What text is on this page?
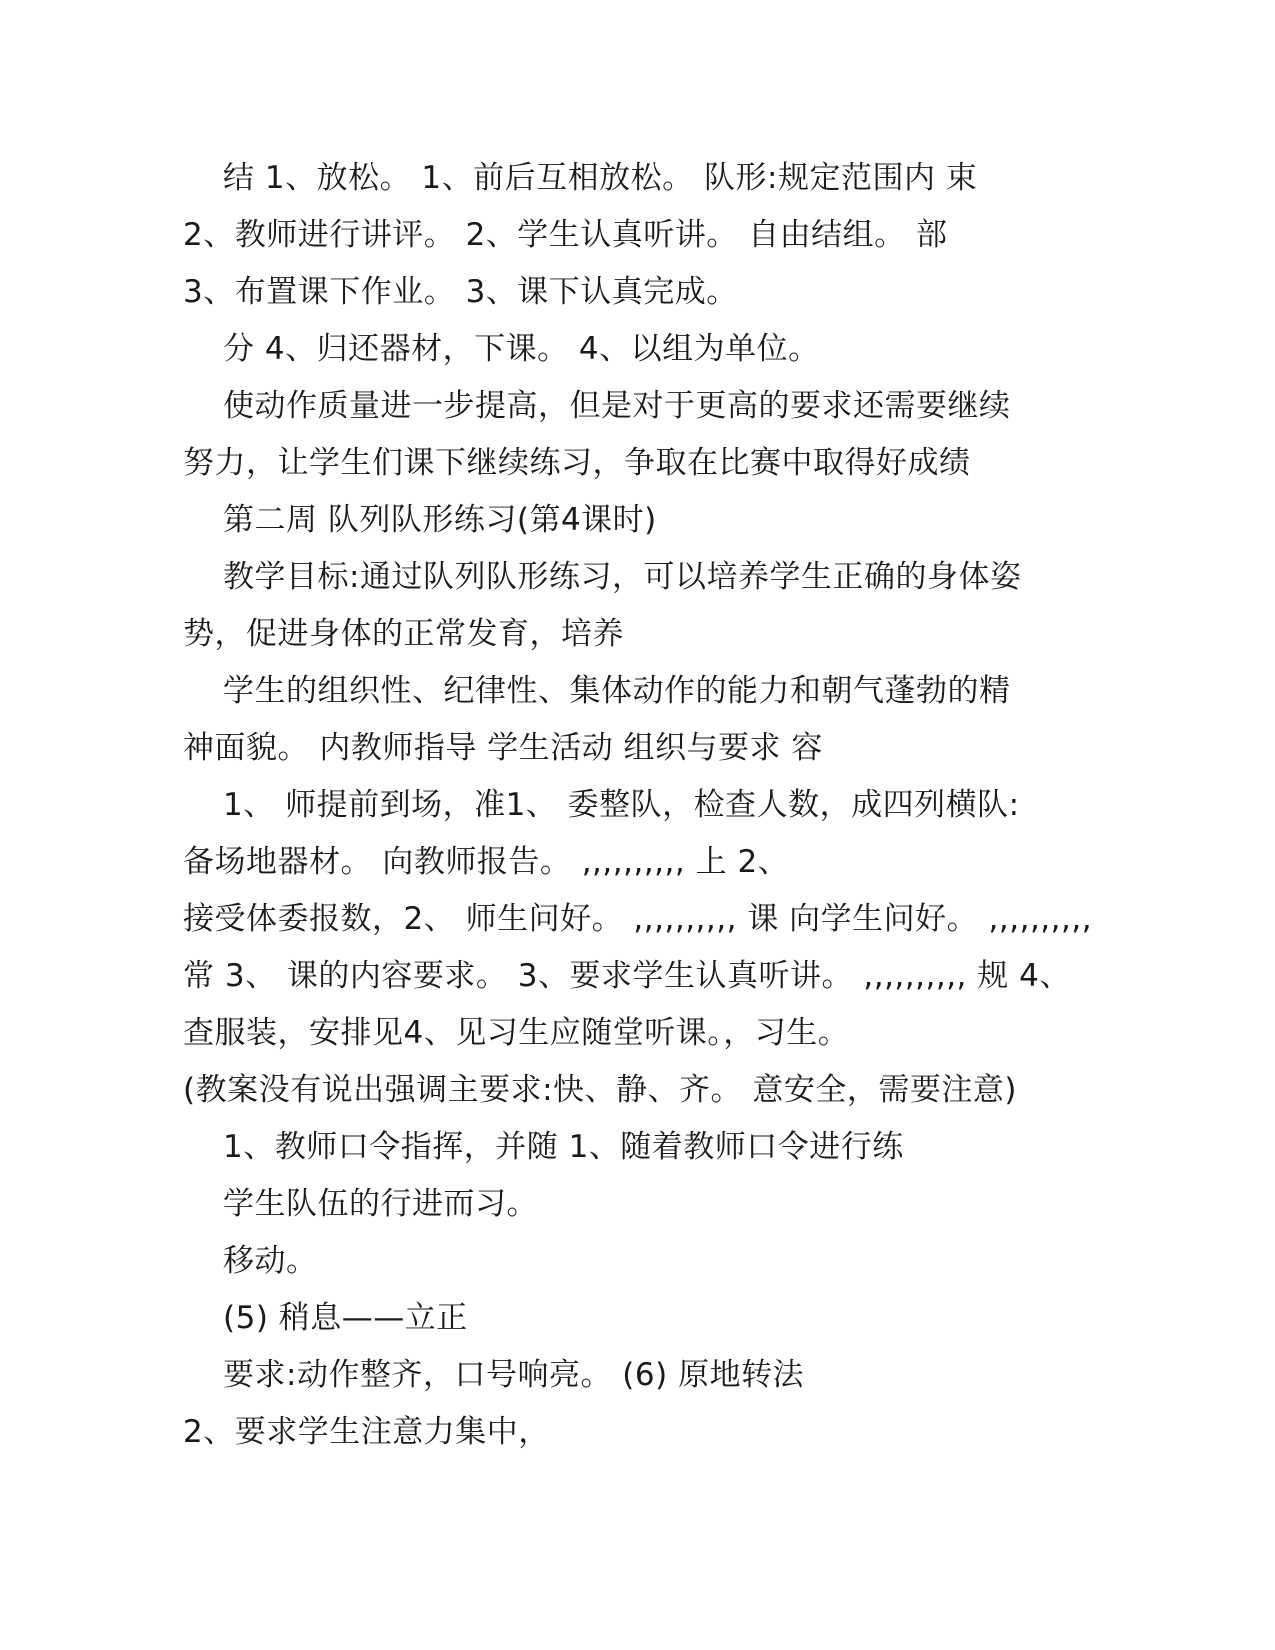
结 1、放松。 1、前后互相放松。 队形:规定范围内 束
2、教师进行讲评。 2、学生认真听讲。 自由结组。 部
3、布置课下作业。 3、课下认真完成。
分 4、归还器材，下课。 4、以组为单位。
使动作质量进一步提高，但是对于更高的要求还需要继续
努力，让学生们课下继续练习，争取在比赛中取得好成绩
第二周 队列队形练习(第4课时)
教学目标:通过队列队形练习，可以培养学生正确的身体姿
势，促进身体的正常发育，培养
学生的组织性、纪律性、集体动作的能力和朝气蓬勃的精
神面貌。 内教师指导 学生活动 组织与要求 容
1、 师提前到场，准1、 委整队，检查人数，成四列横队:
备场地器材。 向教师报告。 ,,,,,,,,,, 上 2、
接受体委报数，2、 师生问好。 ,,,,,,,,,, 课 向学生问好。 ,,,,,,,,,,
常 3、 课的内容要求。 3、要求学生认真听讲。 ,,,,,,,,,, 规 4、
查服装，安排见4、见习生应随堂听课。，习生。
(教案没有说出强调主要求:快、静、齐。 意安全，需要注意)
1、教师口令指挥，并随 1、随着教师口令进行练
学生队伍的行进而习。
移动。
(5) 稍息——立正
要求:动作整齐，口号响亮。 (6) 原地转法
2、要求学生注意力集中，
